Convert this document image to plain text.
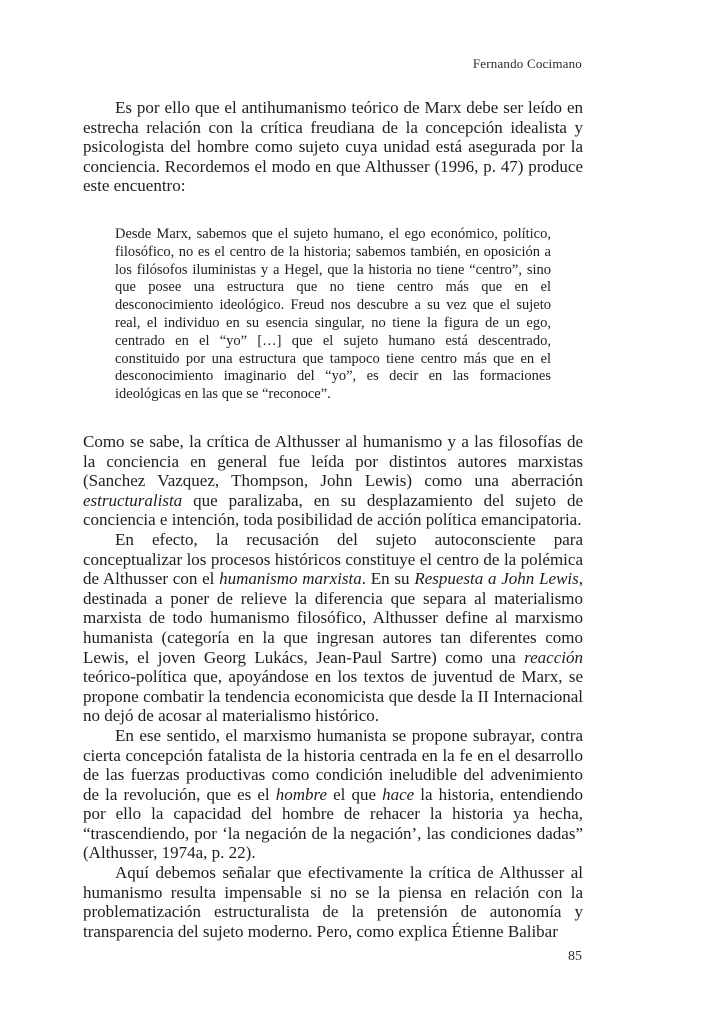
Fernando Cocimano

Es por ello que el antihumanismo teórico de Marx debe ser leído en estrecha relación con la crítica freudiana de la concepción idealista y psicologista del hombre como sujeto cuya unidad está asegurada por la conciencia. Recordemos el modo en que Althusser (1996, p. 47) produce este encuentro:

Desde Marx, sabemos que el sujeto humano, el ego económico, político, filosófico, no es el centro de la historia; sabemos también, en oposición a los filósofos iluministas y a Hegel, que la historia no tiene “centro”, sino que posee una estructura que no tiene centro más que en el desconocimiento ideológico. Freud nos descubre a su vez que el sujeto real, el individuo en su esencia singular, no tiene la figura de un ego, centrado en el “yo” […] que el sujeto humano está descentrado, constituido por una estructura que tampoco tiene centro más que en el desconocimiento imaginario del “yo”, es decir en las formaciones ideológicas en las que se “reconoce”.

Como se sabe, la crítica de Althusser al humanismo y a las filosofías de la conciencia en general fue leída por distintos autores marxistas (Sanchez Vazquez, Thompson, John Lewis) como una aberración estructuralista que paralizaba, en su desplazamiento del sujeto de conciencia e intención, toda posibilidad de acción política emancipatoria.

En efecto, la recusación del sujeto autoconsciente para conceptualizar los procesos históricos constituye el centro de la polémica de Althusser con el humanismo marxista. En su Respuesta a John Lewis, destinada a poner de relieve la diferencia que separa al materialismo marxista de todo humanismo filosófico, Althusser define al marxismo humanista (categoría en la que ingresan autores tan diferentes como Lewis, el joven Georg Lukács, Jean-Paul Sartre) como una reacción teórico-política que, apoyándose en los textos de juventud de Marx, se propone combatir la tendencia economicista que desde la II Internacional no dejó de acosar al materialismo histórico.

En ese sentido, el marxismo humanista se propone subrayar, contra cierta concepción fatalista de la historia centrada en la fe en el desarrollo de las fuerzas productivas como condición ineludible del advenimiento de la revolución, que es el hombre el que hace la historia, entendiendo por ello la capacidad del hombre de rehacer la historia ya hecha, “trascendiendo, por ‘la negación de la negación’, las condiciones dadas” (Althusser, 1974a, p. 22).

Aquí debemos señalar que efectivamente la crítica de Althusser al humanismo resulta impensable si no se la piensa en relación con la problematización estructuralista de la pretensión de autonomía y transparencia del sujeto moderno. Pero, como explica Étienne Balibar

85
